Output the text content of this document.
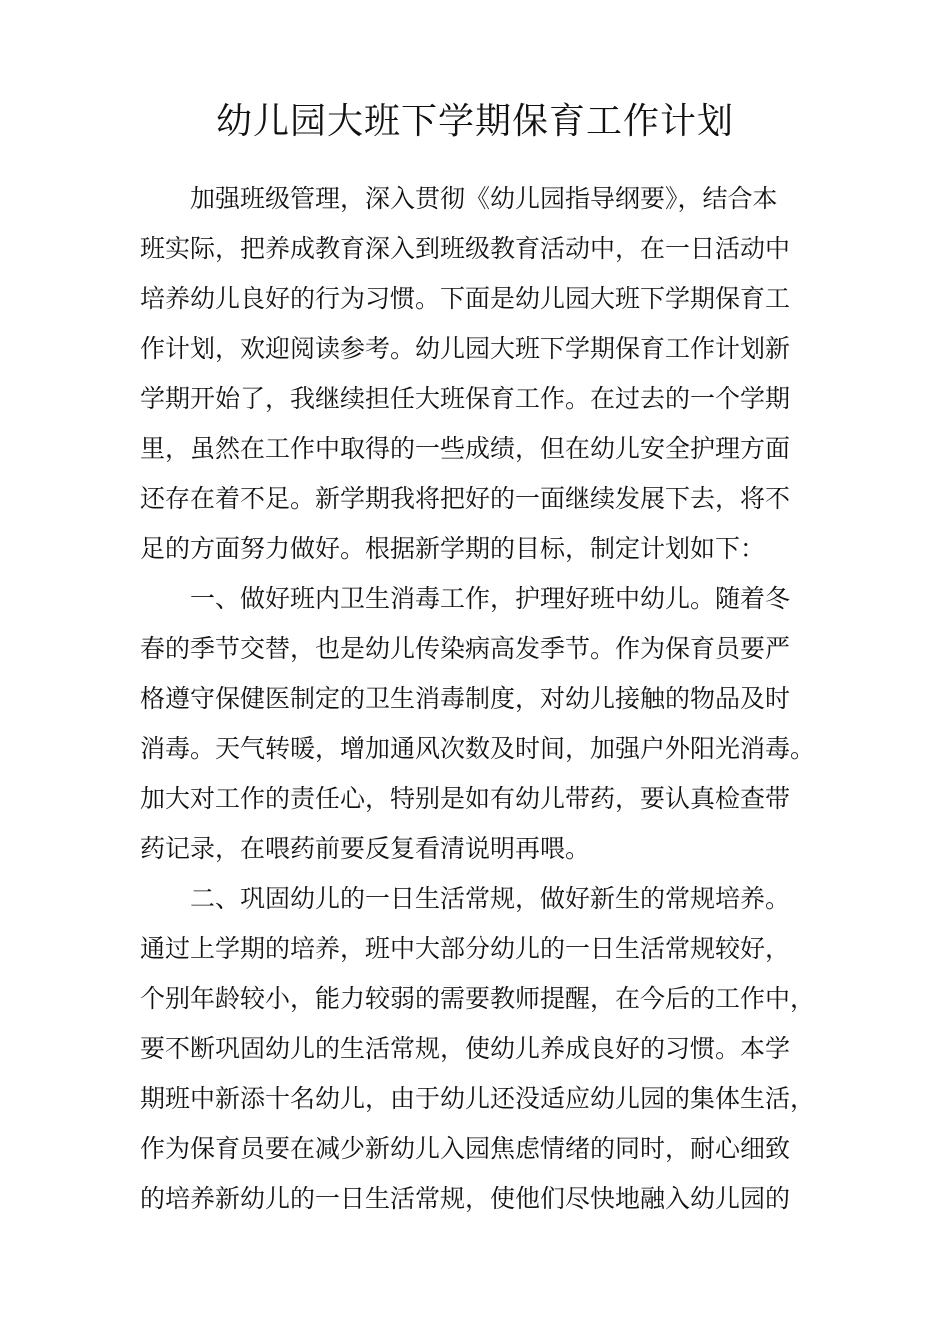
幼儿园大班下学期保育工作计划
加强班级管理，深入贯彻《幼儿园指导纲要》，结合本
班实际，把养成教育深入到班级教育活动中，在一日活动中
培养幼儿良好的行为习惯。下面是幼儿园大班下学期保育工
作计划，欢迎阅读参考。幼儿园大班下学期保育工作计划新
学期开始了，我继续担任大班保育工作。在过去的一个学期
里，虽然在工作中取得的一些成绩，但在幼儿安全护理方面
还存在着不足。新学期我将把好的一面继续发展下去，将不
足的方面努力做好。根据新学期的目标，制定计划如下：
一、做好班内卫生消毒工作，护理好班中幼儿。随着冬
春的季节交替，也是幼儿传染病高发季节。作为保育员要严
格遵守保健医制定的卫生消毒制度，对幼儿接触的物品及时
消毒。天气转暖，增加通风次数及时间，加强户外阳光消毒。
加大对工作的责任心，特别是如有幼儿带药，要认真检查带
药记录，在喂药前要反复看清说明再喂。
二、巩固幼儿的一日生活常规，做好新生的常规培养。
通过上学期的培养，班中大部分幼儿的一日生活常规较好，
个别年龄较小，能力较弱的需要教师提醒，在今后的工作中，
要不断巩固幼儿的生活常规，使幼儿养成良好的习惯。本学
期班中新添十名幼儿，由于幼儿还没适应幼儿园的集体生活，
作为保育员要在减少新幼儿入园焦虑情绪的同时，耐心细致
的培养新幼儿的一日生活常规，使他们尽快地融入幼儿园的
